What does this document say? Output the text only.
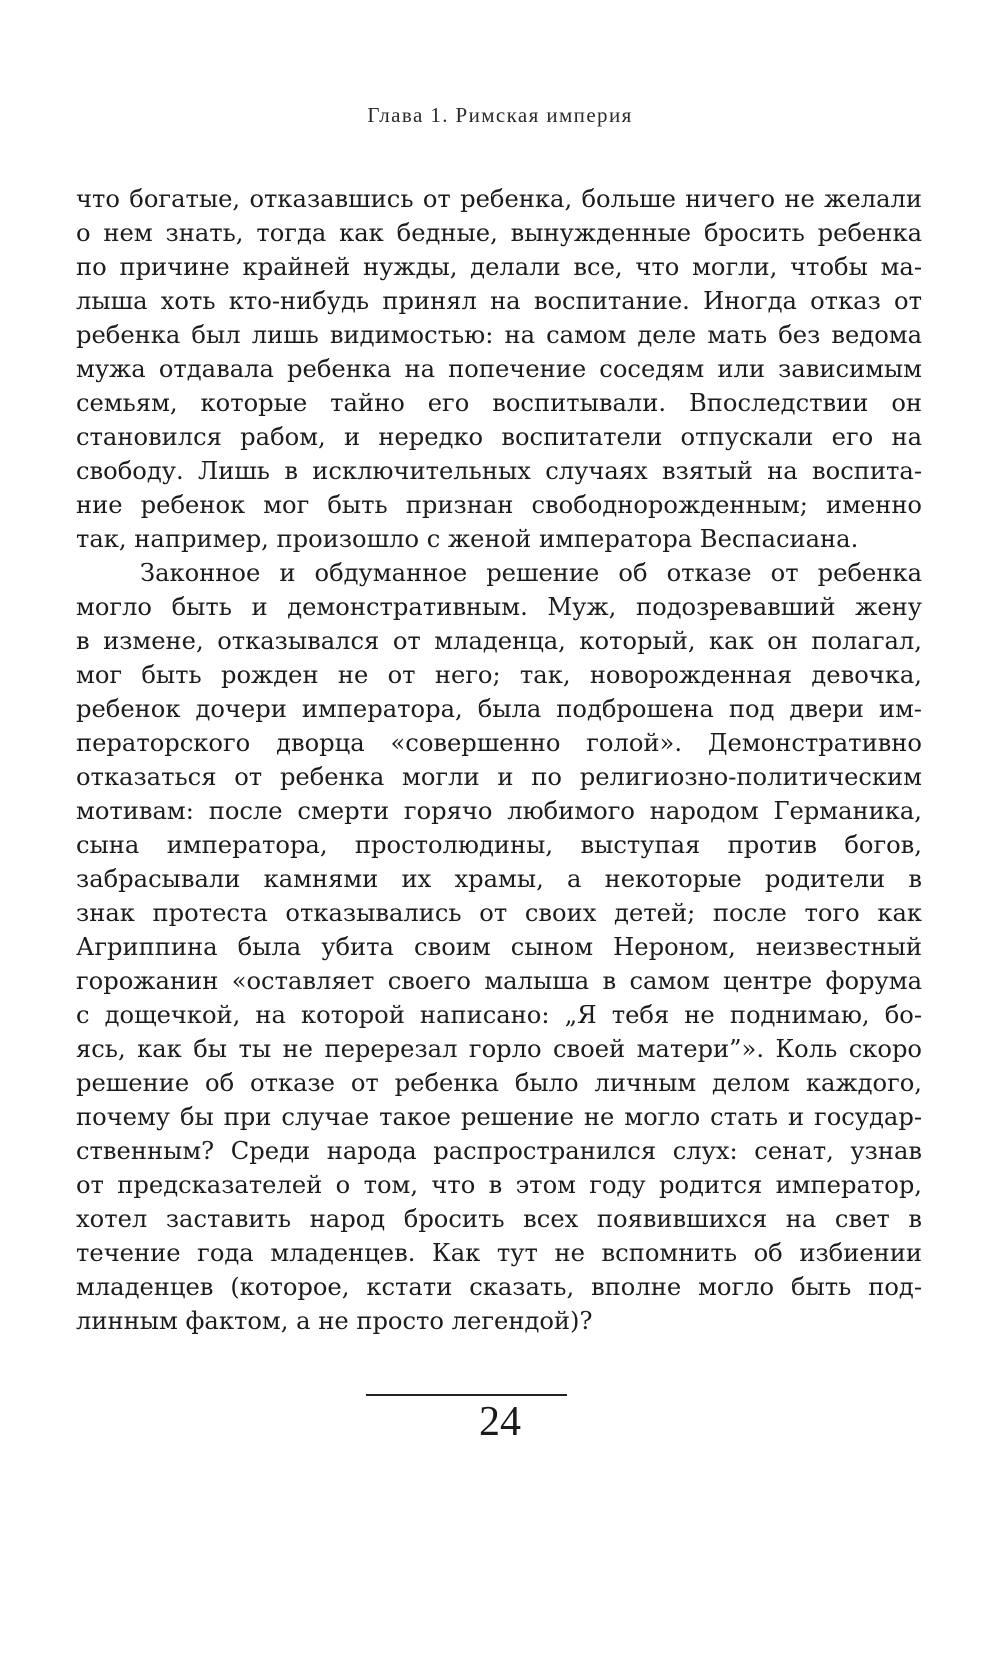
Глава 1. Римская империя
что богатые, отказавшись от ребенка, больше ничего не желали
о нем знать, тогда как бедные, вынужденные бросить ребенка
по причине крайней нужды, делали все, что могли, чтобы ма-
лыша хоть кто-нибудь принял на воспитание. Иногда отказ от
ребенка был лишь видимостью: на самом деле мать без ведома
мужа отдавала ребенка на попечение соседям или зависимым
семьям, которые тайно его воспитывали. Впоследствии он
становился рабом, и нередко воспитатели отпускали его на
свободу. Лишь в исключительных случаях взятый на воспита-
ние ребенок мог быть признан свободнорожденным; именно
так, например, произошло с женой императора Веспасиана.
Законное и обдуманное решение об отказе от ребенка
могло быть и демонстративным. Муж, подозревавший жену
в измене, отказывался от младенца, который, как он полагал,
мог быть рожден не от него; так, новорожденная девочка,
ребенок дочери императора, была подброшена под двери им-
ператорского дворца «совершенно голой». Демонстративно
отказаться от ребенка могли и по религиозно-политическим
мотивам: после смерти горячо любимого народом Германика,
сына императора, простолюдины, выступая против богов,
забрасывали камнями их храмы, а некоторые родители в
знак протеста отказывались от своих детей; после того как
Агриппина была убита своим сыном Нероном, неизвестный
горожанин «оставляет своего малыша в самом центре форума
с дощечкой, на которой написано: „Я тебя не поднимаю, бо-
ясь, как бы ты не перерезал горло своей матери”». Коль скоро
решение об отказе от ребенка было личным делом каждого,
почему бы при случае такое решение не могло стать и государ-
ственным? Среди народа распространился слух: сенат, узнав
от предсказателей о том, что в этом году родится император,
хотел заставить народ бросить всех появившихся на свет в
течение года младенцев. Как тут не вспомнить об избиении
младенцев (которое, кстати сказать, вполне могло быть под-
линным фактом, а не просто легендой)?
24
